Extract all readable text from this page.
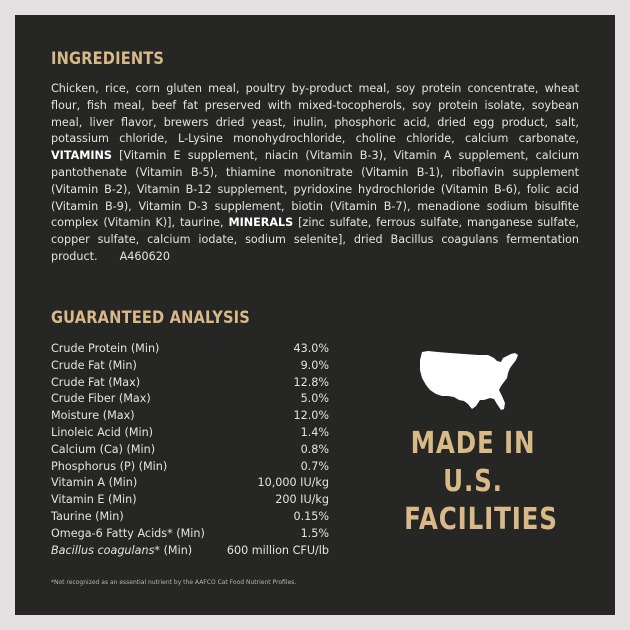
INGREDIENTS
Chicken, rice, corn gluten meal, poultry by-product meal, soy protein concentrate, wheat flour, fish meal, beef fat preserved with mixed-tocopherols, soy protein isolate, soybean meal, liver flavor, brewers dried yeast, inulin, phosphoric acid, dried egg product, salt, potassium chloride, L-Lysine monohydrochloride, choline chloride, calcium carbonate, VITAMINS [Vitamin E supplement, niacin (Vitamin B-3), Vitamin A supplement, calcium pantothenate (Vitamin B-5), thiamine mononitrate (Vitamin B-1), riboflavin supplement (Vitamin B-2), Vitamin B-12 supplement, pyridoxine hydrochloride (Vitamin B-6), folic acid (Vitamin B-9), Vitamin D-3 supplement, biotin (Vitamin B-7), menadione sodium bisulfite complex (Vitamin K)], taurine, MINERALS [zinc sulfate, ferrous sulfate, manganese sulfate, copper sulfate, calcium iodate, sodium selenite], dried Bacillus coagulans fermentation product. A460620
GUARANTEED ANALYSIS
Crude Protein (Min)	43.0%
Crude Fat (Min)	9.0%
Crude Fat (Max)	12.8%
Crude Fiber (Max)	5.0%
Moisture (Max)	12.0%
Linoleic Acid (Min)	1.4%
Calcium (Ca) (Min)	0.8%
Phosphorus (P) (Min)	0.7%
Vitamin A (Min)	10,000 IU/kg
Vitamin E (Min)	200 IU/kg
Taurine (Min)	0.15%
Omega-6 Fatty Acids* (Min)	1.5%
Bacillus coagulans* (Min)	600 million CFU/lb
*Not recognized as an essential nutrient by the AAFCO Cat Food Nutrient Profiles.
MADE IN
U.S.
FACILITIES
